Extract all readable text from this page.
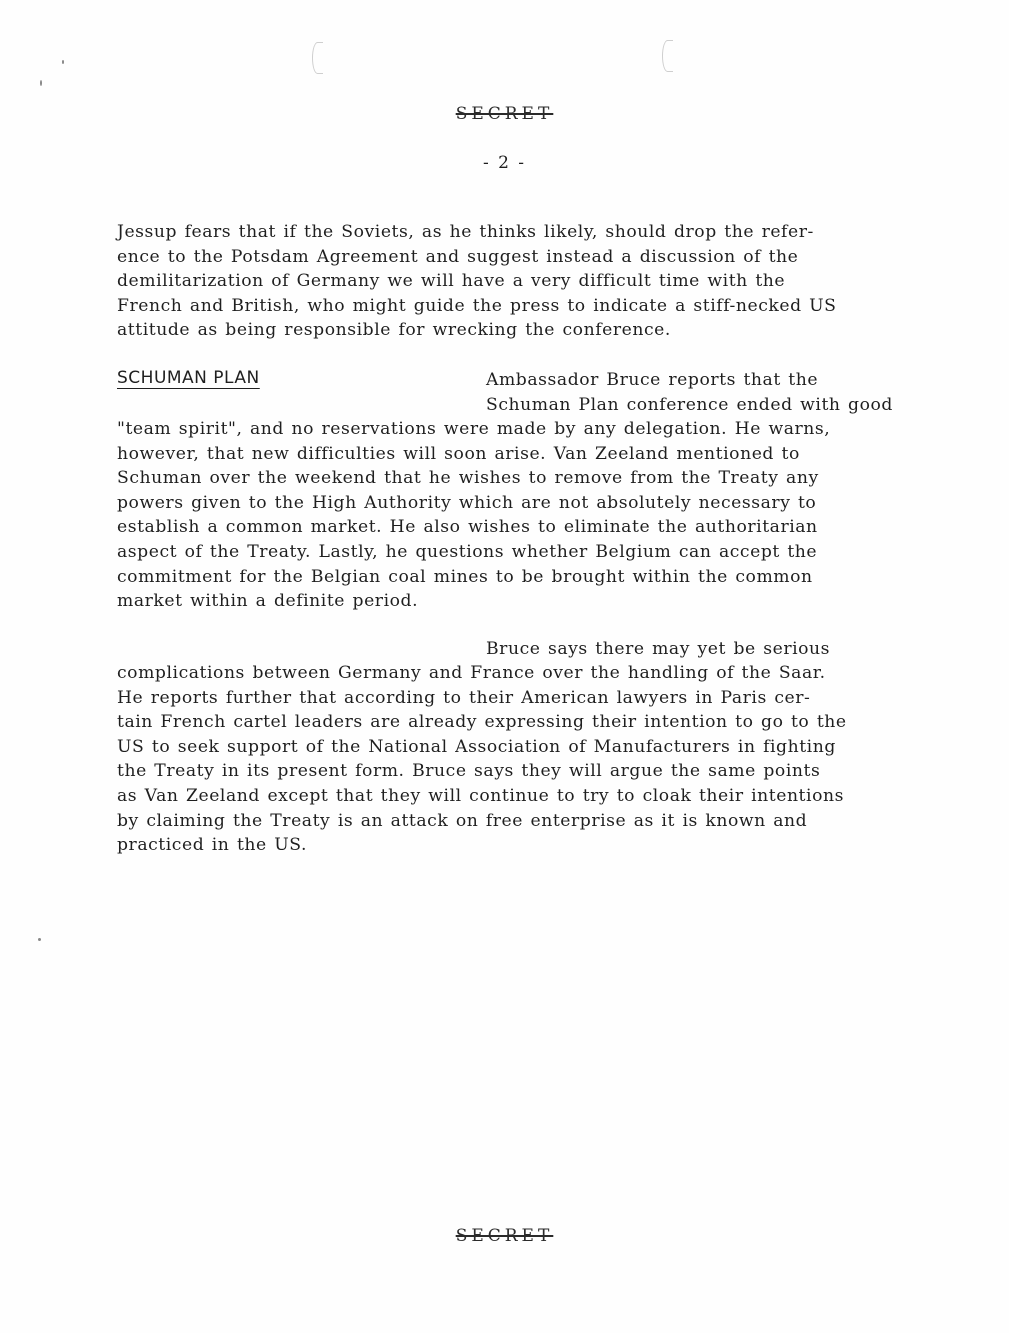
SECRET
- 2 -
Jessup fears that if the Soviets, as he thinks likely, should drop the refer-
ence to the Potsdam Agreement and suggest instead a discussion of the
demilitarization of Germany we will have a very difficult time with the
French and British, who might guide the press to indicate a stiff-necked US
attitude as being responsible for wrecking the conference.

SCHUMAN PLAN	Ambassador Bruce reports that the
Schuman Plan conference ended with good
"team spirit", and no reservations were made by any delegation. He warns,
however, that new difficulties will soon arise. Van Zeeland mentioned to
Schuman over the weekend that he wishes to remove from the Treaty any
powers given to the High Authority which are not absolutely necessary to
establish a common market. He also wishes to eliminate the authoritarian
aspect of the Treaty. Lastly, he questions whether Belgium can accept the
commitment for the Belgian coal mines to be brought within the common
market within a definite period.
Bruce says there may yet be serious
complications between Germany and France over the handling of the Saar.
He reports further that according to their American lawyers in Paris cer-
tain French cartel leaders are already expressing their intention to go to the
US to seek support of the National Association of Manufacturers in fighting
the Treaty in its present form. Bruce says they will argue the same points
as Van Zeeland except that they will continue to try to cloak their intentions
by claiming the Treaty is an attack on free enterprise as it is known and
practiced in the US.
SECRET
